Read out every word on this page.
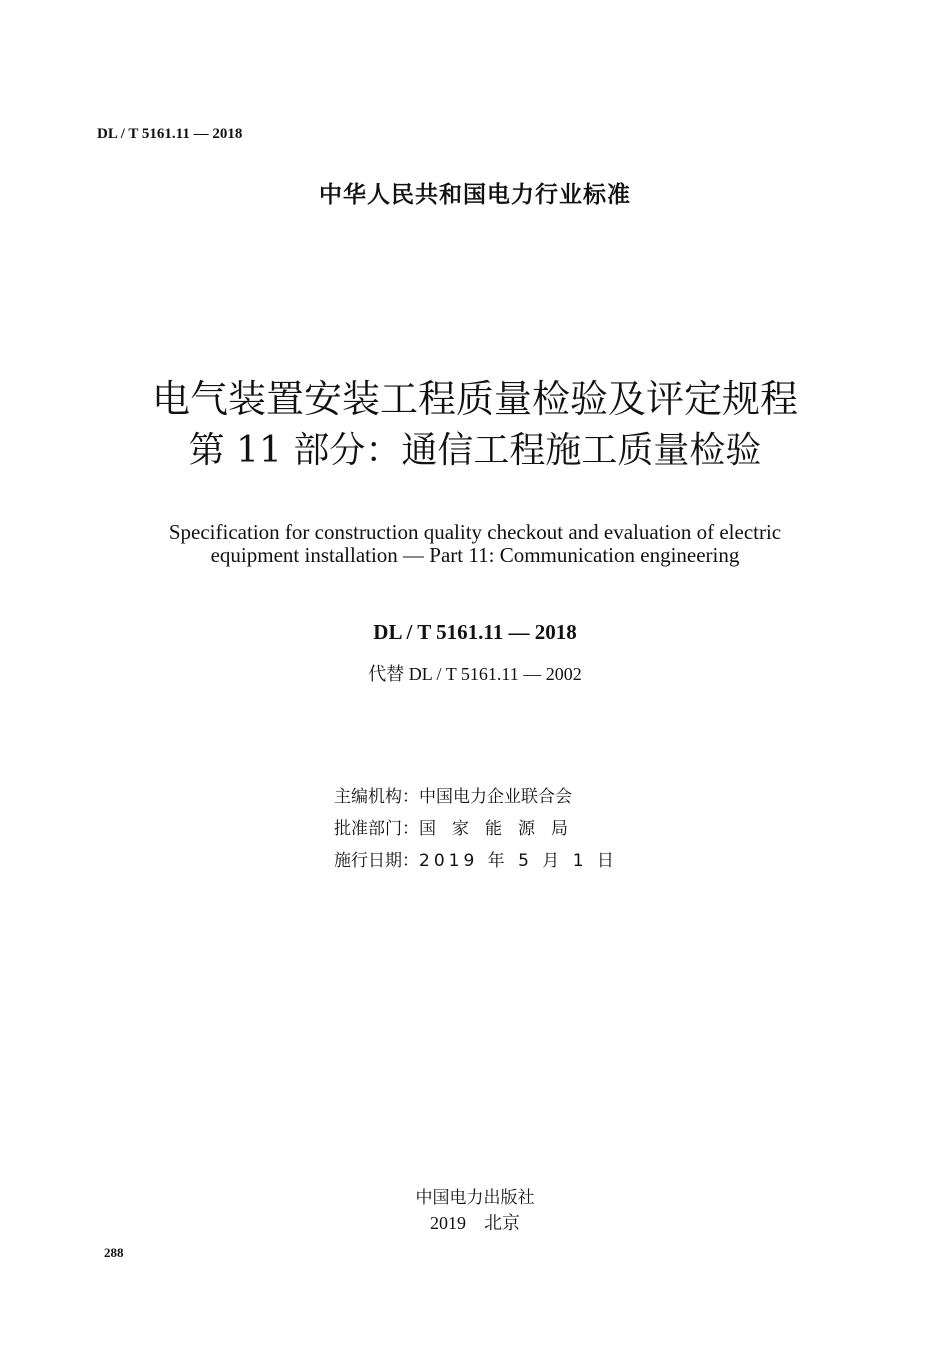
DL / T 5161.11 — 2018
中华人民共和国电力行业标准
电气装置安装工程质量检验及评定规程
第 11 部分：通信工程施工质量检验
Specification for construction quality checkout and evaluation of electric
equipment installation — Part 11: Communication engineering
DL / T 5161.11 — 2018
代替 DL / T 5161.11 — 2002
主编机构：中国电力企业联合会
批准部门：国家能源局
施行日期：2019 年 5 月 1 日
中国电力出版社
2019　北京
288
